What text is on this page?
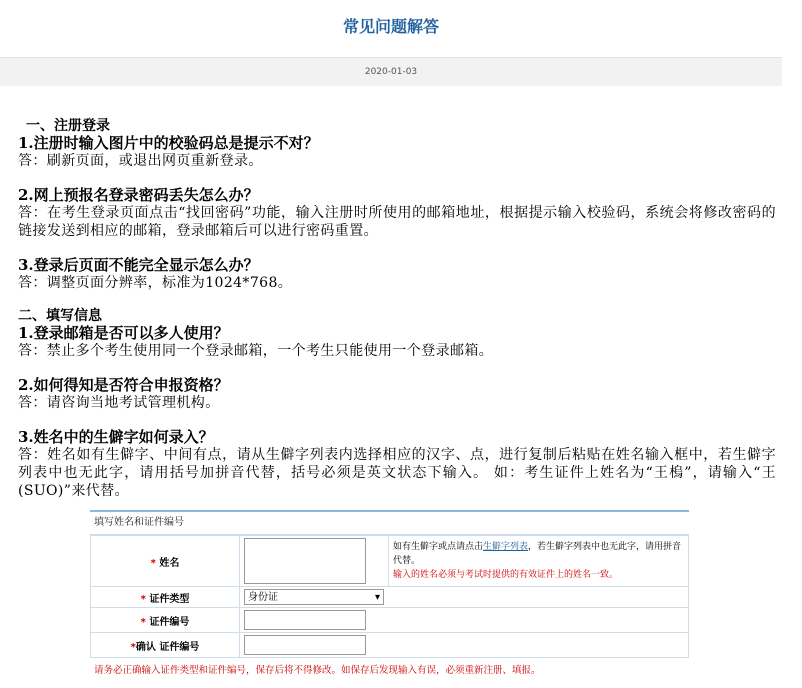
常见问题解答
2020-01-03

一、注册登录

1.注册时输入图片中的校验码总是提示不对？

答：刷新页面，或退出网页重新登录。

2.网上预报名登录密码丢失怎么办？

答：在考生登录页面点击“找回密码”功能，输入注册时所使用的邮箱地址，根据提示输入校验码，系统会将修改密码的链接发送到相应的邮箱，登录邮箱后可以进行密码重置。

3.登录后页面不能完全显示怎么办？

答：调整页面分辨率，标准为1024*768。

二、填写信息

1.登录邮箱是否可以多人使用？

答：禁止多个考生使用同一个登录邮箱，一个考生只能使用一个登录邮箱。

2.如何得知是否符合申报资格？

答：请咨询当地考试管理机构。

3.姓名中的生僻字如何录入？

答：姓名如有生僻字、中间有点，请从生僻字列表内选择相应的汉字、点，进行复制后粘贴在姓名输入框中，若生僻字列表中也无此字，请用括号加拼音代替，括号必须是英文状态下输入。 如：考生证件上姓名为“王㮧”，请输入“王(SUO)”来代替。

填写姓名和证件编号
* 姓名		如有生僻字或点请点击生僻字列表，若生僻字列表中也无此字，请用拼音代替。
输入的姓名必须与考试时提供的有效证件上的姓名一致。
* 证件类型	身份证 ▾	

* 证件编号		
*确认 证件编号		
请务必正确输入证件类型和证件编号，保存后将不得修改。如保存后发现输入有误，必须重新注册、填报。
